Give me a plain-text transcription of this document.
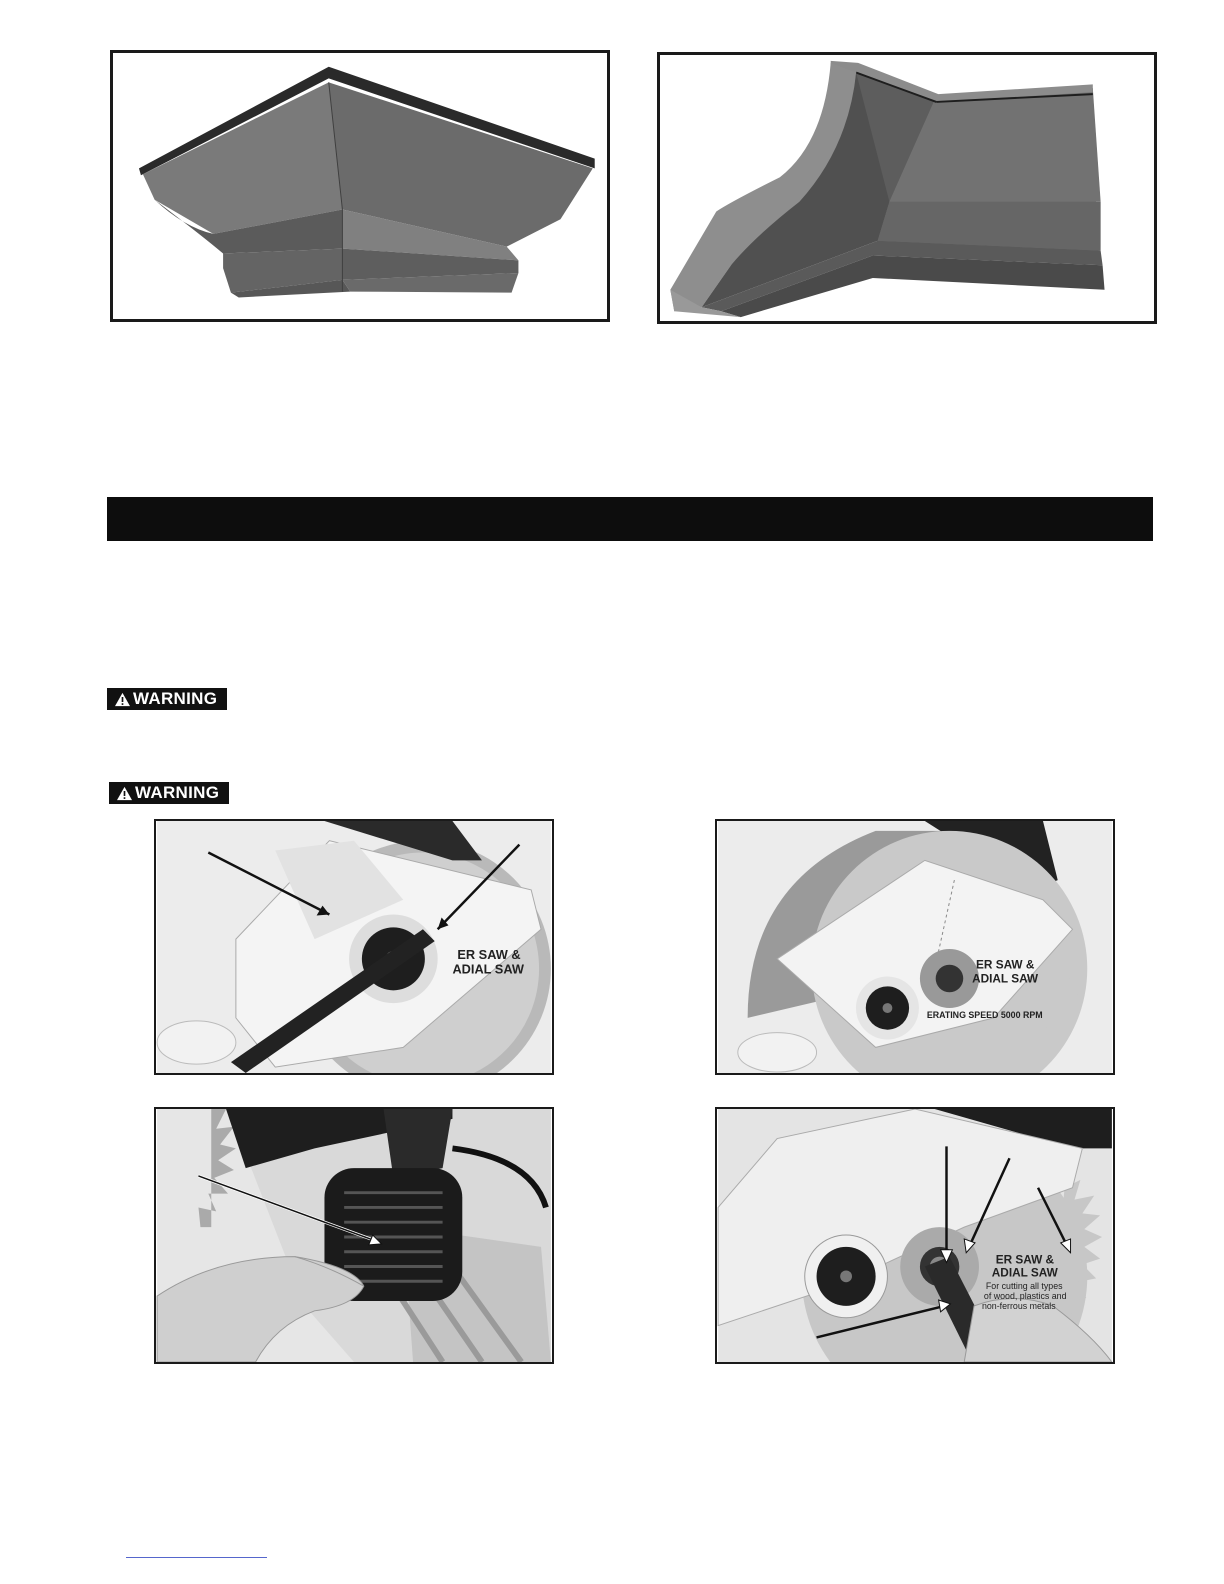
WARNING
WARNING
ER SAW &
ADIAL SAW	ER SAW &
ADIAL SAW
ERATING SPEED 5000 RPM
ER SAW &
ADIAL SAW
For cutting all types
of wood, plastics and
non-ferrous metals
